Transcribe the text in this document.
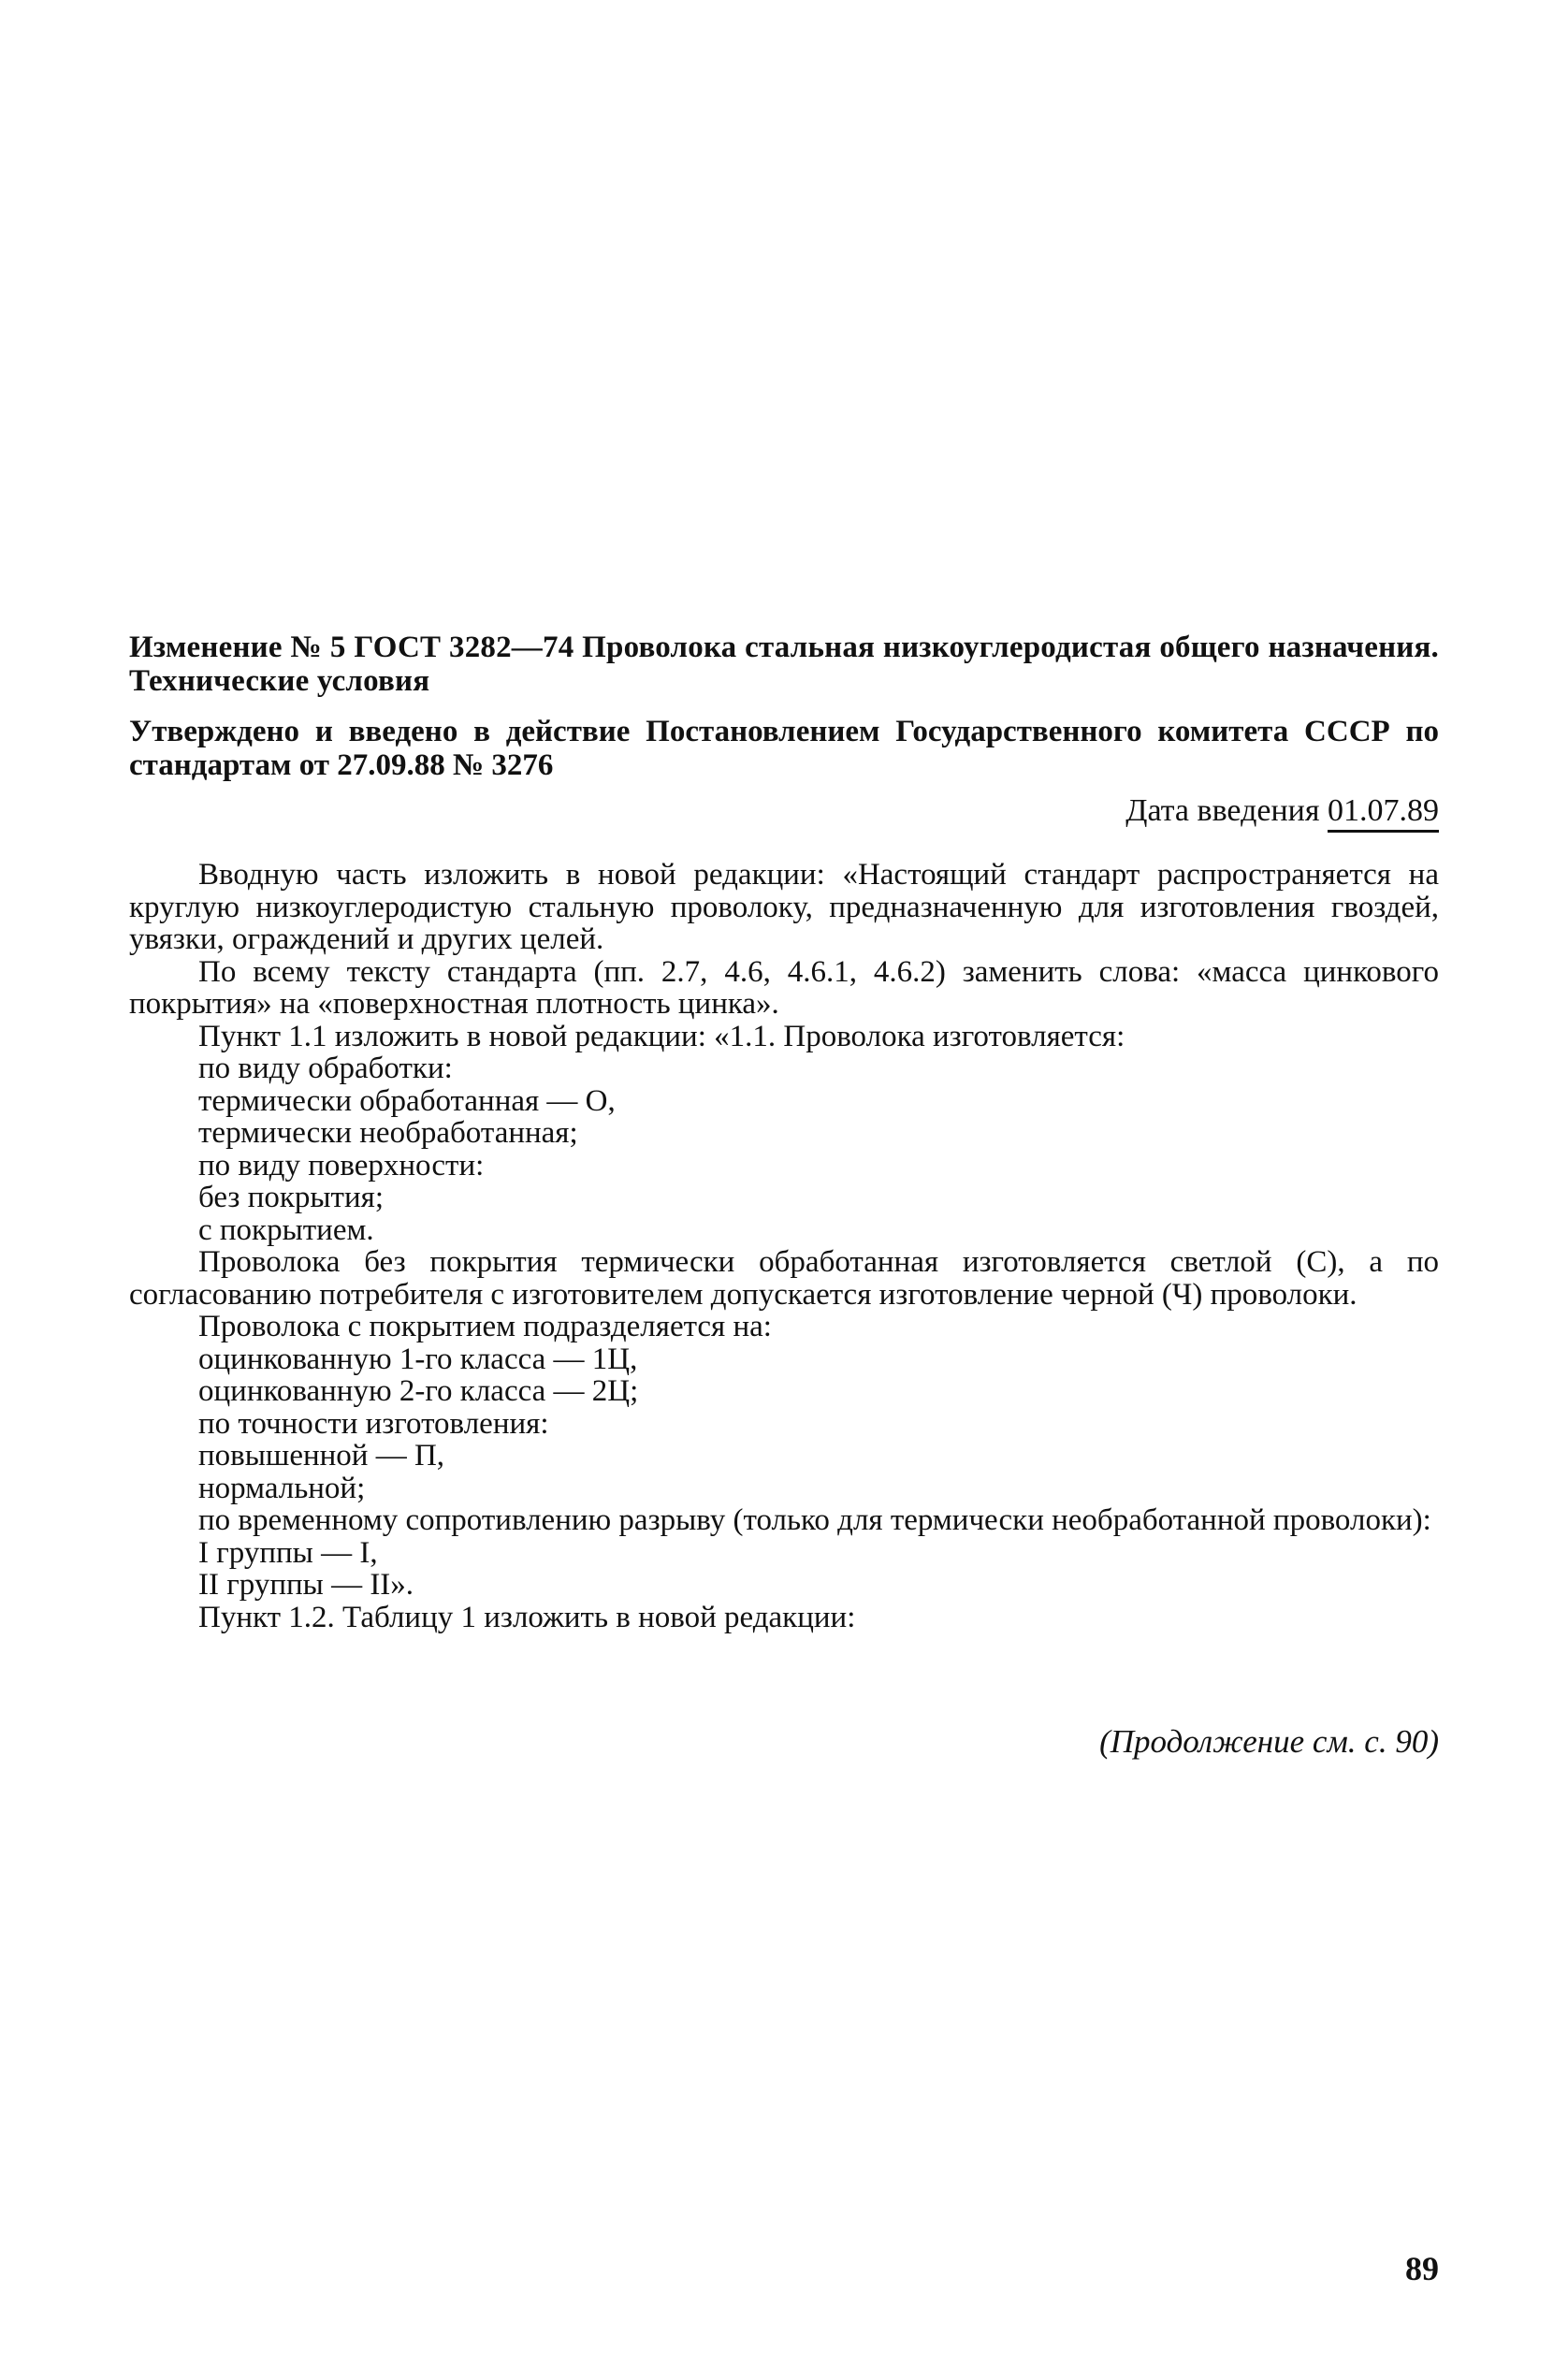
Изменение № 5 ГОСТ 3282—74 Проволока стальная низкоуглеродистая общего назначения. Технические условия

Утверждено и введено в действие Постановлением Государственного комитета СССР по стандартам от 27.09.88 № 3276

Дата введения 01.07.89

Вводную часть изложить в новой редакции: «Настоящий стандарт распространяется на круглую низкоуглеродистую стальную проволоку, предназначенную для изготовления гвоздей, увязки, ограждений и других целей.

По всему тексту стандарта (пп. 2.7, 4.6, 4.6.1, 4.6.2) заменить слова: «масса цинкового покрытия» на «поверхностная плотность цинка».

Пункт 1.1 изложить в новой редакции: «1.1. Проволока изготовляется:

по виду обработки:

термически обработанная — О,

термически необработанная;

по виду поверхности:

без покрытия;

с покрытием.

Проволока без покрытия термически обработанная изготовляется светлой (С), а по согласованию потребителя с изготовителем допускается изготовление черной (Ч) проволоки.

Проволока с покрытием подразделяется на:

оцинкованную 1-го класса — 1Ц,

оцинкованную 2-го класса — 2Ц;

по точности изготовления:

повышенной — П,

нормальной;

по временному сопротивлению разрыву (только для термически необработанной проволоки):

I группы — I,

II группы — II».

Пункт 1.2. Таблицу 1 изложить в новой редакции:

(Продолжение см. с. 90)
89
